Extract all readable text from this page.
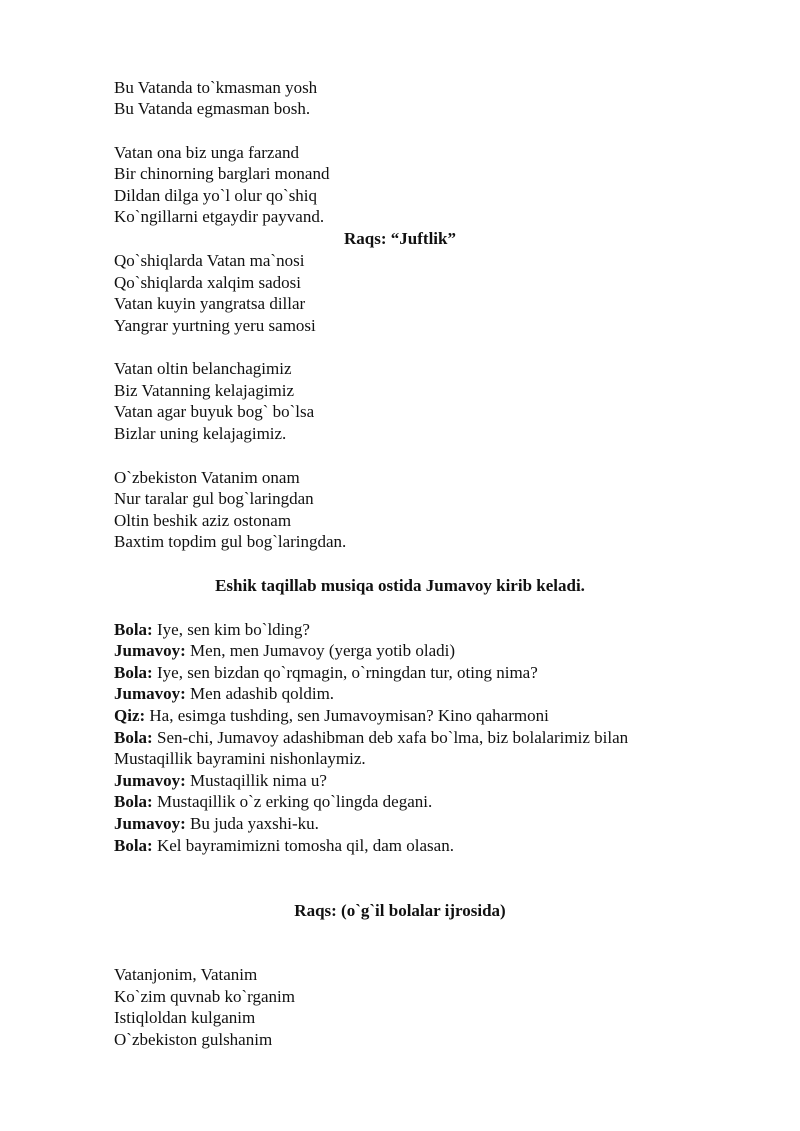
Bu Vatanda to`kmasman yosh
Bu Vatanda egmasman bosh.
Vatan ona biz unga farzand
Bir chinorning barglari monand
Dildan dilga yo`l olur qo`shiq
Ko`ngillarni etgaydir payvand.
Raqs: “Juftlik”
Qo`shiqlarda Vatan ma`nosi
Qo`shiqlarda xalqim sadosi
Vatan kuyin yangratsa dillar
Yangrar yurtning yeru samosi
Vatan oltin belanchagimiz
Biz Vatanning kelajagimiz
Vatan agar buyuk bog` bo`lsa
Bizlar uning kelajagimiz.
O`zbekiston Vatanim onam
Nur taralar gul bog`laringdan
Oltin beshik aziz ostonam
Baxtim topdim gul bog`laringdan.
Eshik taqillab musiqa ostida Jumavoy kirib keladi.
Bola: Iye, sen kim bo`lding?
Jumavoy: Men, men Jumavoy (yerga yotib oladi)
Bola: Iye, sen bizdan qo`rqmagin, o`rningdan tur, oting nima?
Jumavoy: Men adashib qoldim.
Qiz: Ha, esimga tushding, sen Jumavoymisan? Kino qaharmoni
Bola: Sen-chi, Jumavoy adashibman deb xafa bo`lma, biz bolalarimiz bilan
Mustaqillik bayramini nishonlaymiz.
Jumavoy: Mustaqillik nima u?
Bola: Mustaqillik o`z erking qo`lingda degani.
Jumavoy: Bu juda yaxshi-ku.
Bola: Kel bayramimizni tomosha qil, dam olasan.
Raqs: (o`g`il bolalar ijrosida)
Vatanjonim, Vatanim
Ko`zim quvnab ko`rganim
Istiqloldan kulganim
O`zbekiston gulshanim
